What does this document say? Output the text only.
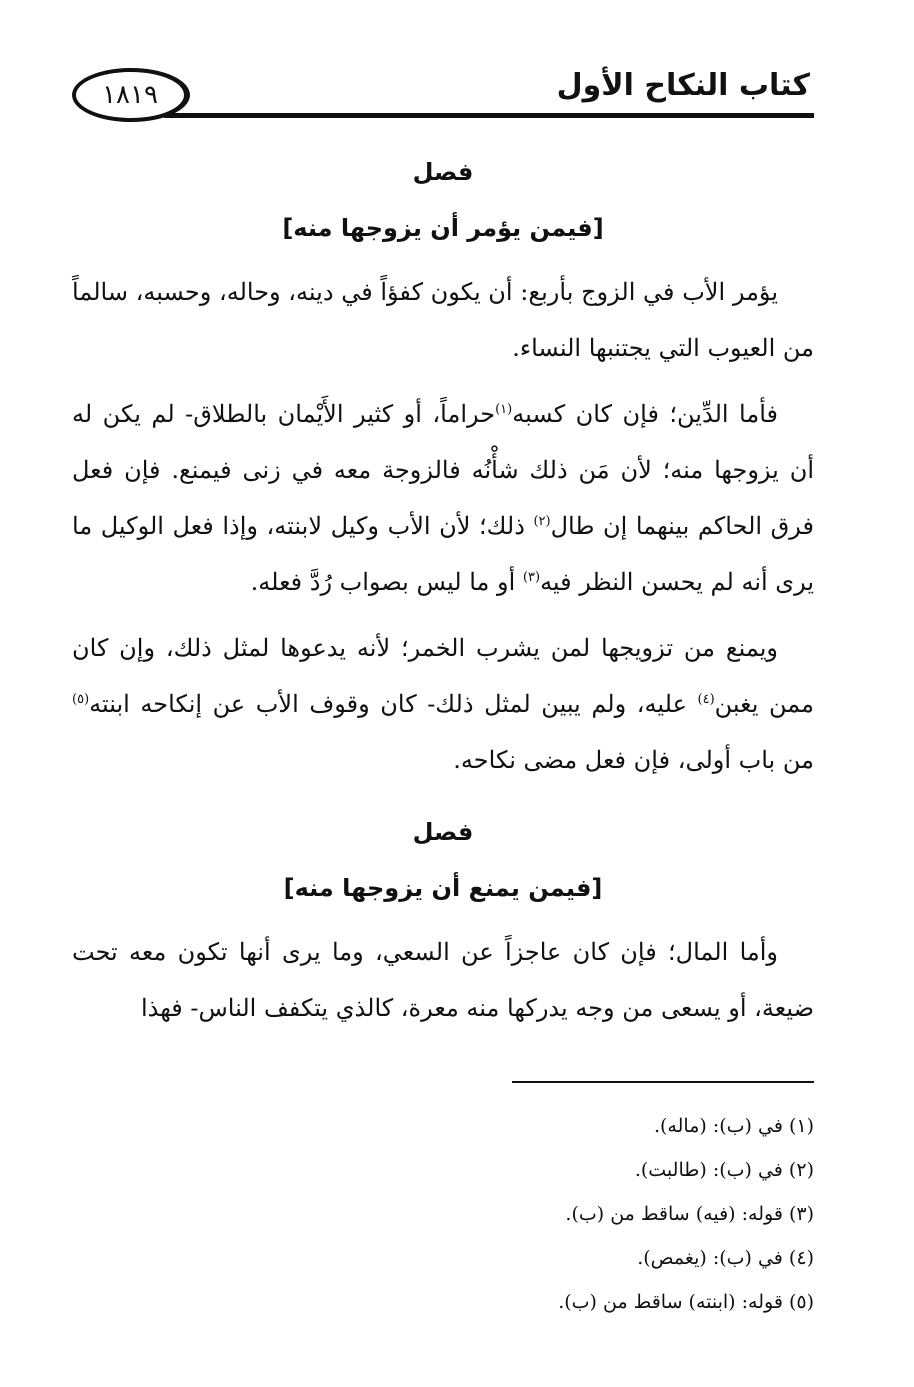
كتاب النكاح الأول
١٨١٩
فصل
[فيمن يؤمر أن يزوجها منه]

يؤمر الأب في الزوج بأربع: أن يكون كفؤاً في دينه، وحاله، وحسبه، سالماً من العيوب التي يجتنبها النساء.

فأما الدِّين؛ فإن كان كسبه$^{(١)}$حراماً، أو كثير الأَيْمان بالطلاق- لم يكن له أن يزوجها منه؛ لأن مَن ذلك شأْنُه فالزوجة معه في زنى فيمنع. فإن فعل فرق الحاكم بينهما إن طال$^{(٢)}$ ذلك؛ لأن الأب وكيل لابنته، وإذا فعل الوكيل ما يرى أنه لم يحسن النظر فيه$^{(٣)}$ أو ما ليس بصواب رُدَّ فعله.

ويمنع من تزويجها لمن يشرب الخمر؛ لأنه يدعوها لمثل ذلك، وإن كان ممن يغبن$^{(٤)}$ عليه، ولم يبين لمثل ذلك- كان وقوف الأب عن إنكاحه ابنته$^{(٥)}$ من باب أولى، فإن فعل مضى نكاحه.

فصل
[فيمن يمنع أن يزوجها منه]

وأما المال؛ فإن كان عاجزاً عن السعي، وما يرى أنها تكون معه تحت ضيعة، أو يسعى من وجه يدركها منه معرة، كالذي يتكفف الناس- فهذا

(١) في (ب): (ماله).
(٢) في (ب): (طالبت).
(٣) قوله: (فيه) ساقط من (ب).
(٤) في (ب): (يغمص).
(٥) قوله: (ابنته) ساقط من (ب).
